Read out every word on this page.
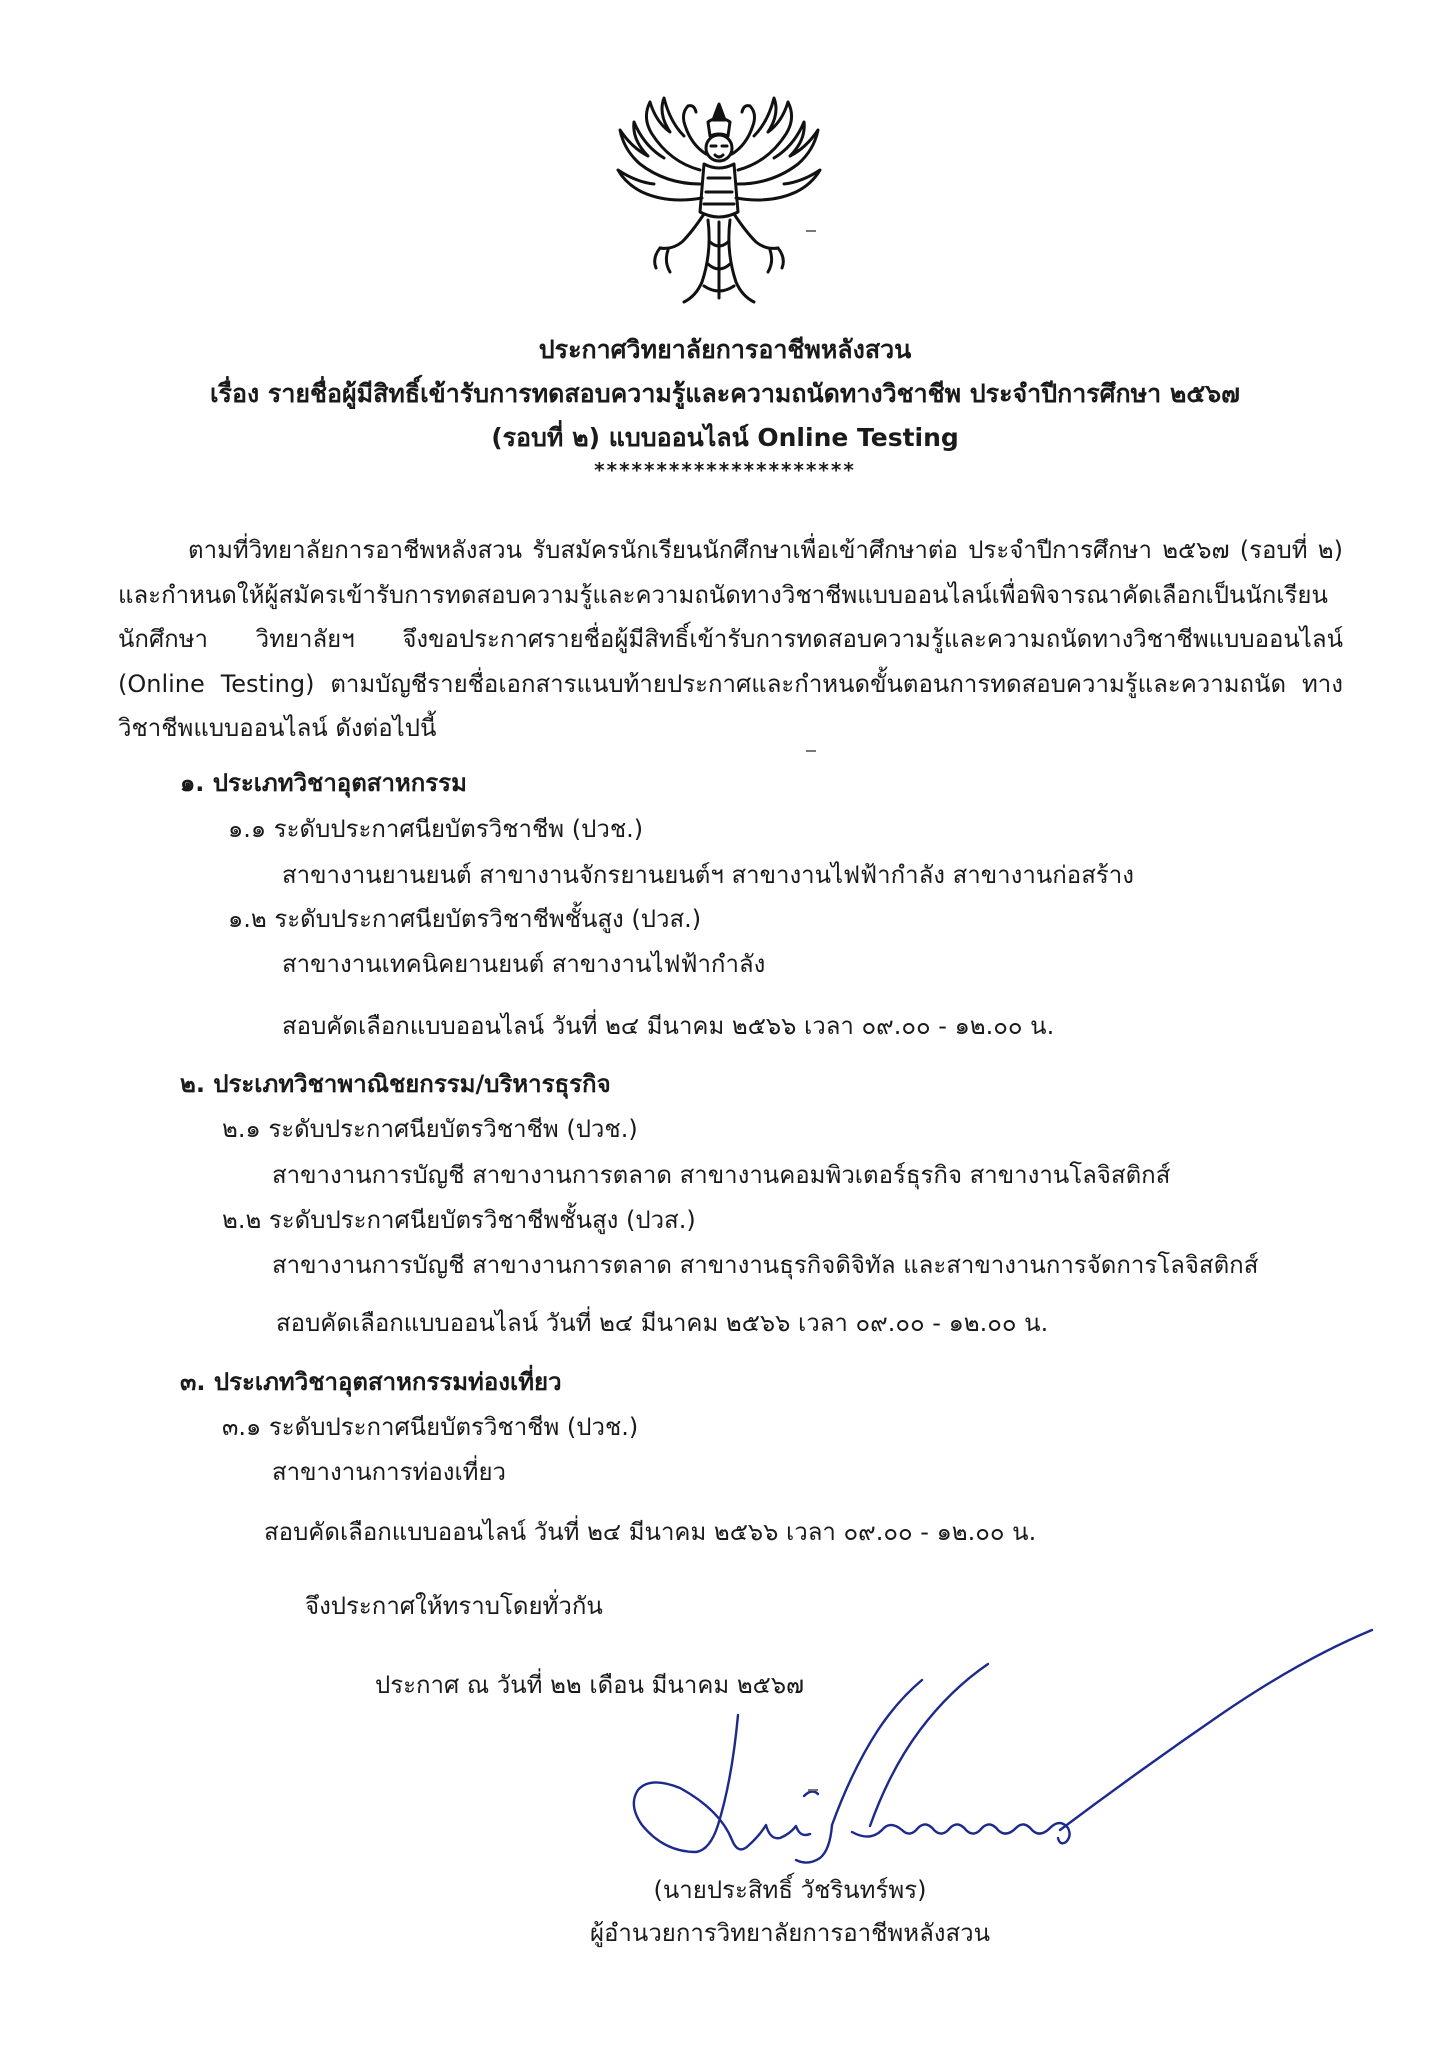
ประกาศวิทยาลัยการอาชีพหลังสวน
เรื่อง รายชื่อผู้มีสิทธิ์เข้ารับการทดสอบความรู้และความถนัดทางวิชาชีพ ประจำปีการศึกษา ๒๕๖๗
(รอบที่ ๒) แบบออนไลน์ Online Testing
*********************
ตามที่วิทยาลัยการอาชีพหลังสวน รับสมัครนักเรียนนักศึกษาเพื่อเข้าศึกษาต่อ ประจำปีการศึกษา ๒๕๖๗ (รอบที่ ๒) และกำหนดให้ผู้สมัครเข้ารับการทดสอบความรู้และความถนัดทางวิชาชีพแบบออนไลน์เพื่อพิจารณาคัดเลือกเป็นนักเรียน นักศึกษา วิทยาลัยฯ จึงขอประกาศรายชื่อผู้มีสิทธิ์เข้ารับการทดสอบความรู้และความถนัดทางวิชาชีพแบบออนไลน์ (Online Testing) ตามบัญชีรายชื่อเอกสารแนบท้ายประกาศและกำหนดขั้นตอนการทดสอบความรู้และความถนัด ทางวิชาชีพแบบออนไลน์ ดังต่อไปนี้
๑. ประเภทวิชาอุตสาหกรรม
๑.๑ ระดับประกาศนียบัตรวิชาชีพ (ปวช.)
สาขางานยานยนต์ สาขางานจักรยานยนต์ฯ สาขางานไฟฟ้ากำลัง สาขางานก่อสร้าง
๑.๒ ระดับประกาศนียบัตรวิชาชีพชั้นสูง (ปวส.)
สาขางานเทคนิคยานยนต์ สาขางานไฟฟ้ากำลัง
สอบคัดเลือกแบบออนไลน์ วันที่ ๒๔ มีนาคม ๒๕๖๖ เวลา ๐๙.๐๐ - ๑๒.๐๐ น.
๒. ประเภทวิชาพาณิชยกรรม/บริหารธุรกิจ
๒.๑ ระดับประกาศนียบัตรวิชาชีพ (ปวช.)
สาขางานการบัญชี สาขางานการตลาด สาขางานคอมพิวเตอร์ธุรกิจ สาขางานโลจิสติกส์
๒.๒ ระดับประกาศนียบัตรวิชาชีพชั้นสูง (ปวส.)
สาขางานการบัญชี สาขางานการตลาด สาขางานธุรกิจดิจิทัล และสาขางานการจัดการโลจิสติกส์
สอบคัดเลือกแบบออนไลน์ วันที่ ๒๔ มีนาคม ๒๕๖๖ เวลา ๐๙.๐๐ - ๑๒.๐๐ น.
๓. ประเภทวิชาอุตสาหกรรมท่องเที่ยว
๓.๑ ระดับประกาศนียบัตรวิชาชีพ (ปวช.)
สาขางานการท่องเที่ยว
สอบคัดเลือกแบบออนไลน์ วันที่ ๒๔ มีนาคม ๒๕๖๖ เวลา ๐๙.๐๐ - ๑๒.๐๐ น.
จึงประกาศให้ทราบโดยทั่วกัน
ประกาศ ณ วันที่ ๒๒ เดือน มีนาคม ๒๕๖๗
(นายประสิทธิ์ วัชรินทร์พร)
ผู้อำนวยการวิทยาลัยการอาชีพหลังสวน
